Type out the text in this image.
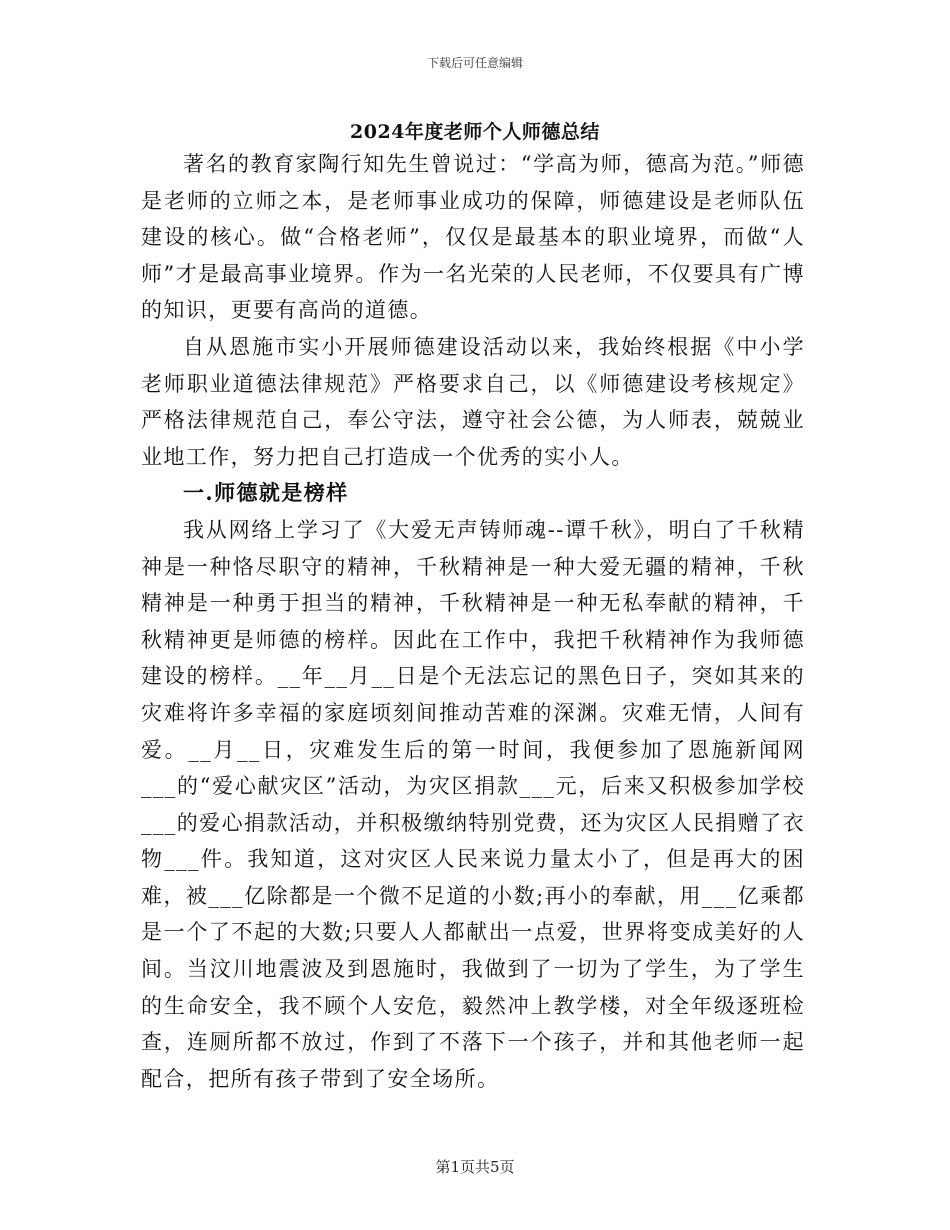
下载后可任意编辑
2024年度老师个人师德总结

著名的教育家陶行知先生曾说过：“学高为师，德高为范。”师德是老师的立师之本，是老师事业成功的保障，师德建设是老师队伍建设的核心。做“合格老师”，仅仅是最基本的职业境界，而做“人师”才是最高事业境界。作为一名光荣的人民老师，不仅要具有广博的知识，更要有高尚的道德。

自从恩施市实小开展师德建设活动以来，我始终根据《中小学老师职业道德法律规范》严格要求自己，以《师德建设考核规定》严格法律规范自己，奉公守法，遵守社会公德，为人师表，兢兢业业地工作，努力把自己打造成一个优秀的实小人。

一.师德就是榜样

我从网络上学习了《大爱无声铸师魂--谭千秋》，明白了千秋精神是一种恪尽职守的精神，千秋精神是一种大爱无疆的精神，千秋精神是一种勇于担当的精神，千秋精神是一种无私奉献的精神，千秋精神更是师德的榜样。因此在工作中，我把千秋精神作为我师德建设的榜样。__年__月__日是个无法忘记的黑色日子，突如其来的灾难将许多幸福的家庭顷刻间推动苦难的深渊。灾难无情，人间有爱。__月__日，灾难发生后的第一时间，我便参加了恩施新闻网___的“爱心献灾区”活动，为灾区捐款___元，后来又积极参加学校___的爱心捐款活动，并积极缴纳特别党费，还为灾区人民捐赠了衣物___件。我知道，这对灾区人民来说力量太小了，但是再大的困难，被___亿除都是一个微不足道的小数;再小的奉献，用___亿乘都是一个了不起的大数;只要人人都献出一点爱，世界将变成美好的人间。当汶川地震波及到恩施时，我做到了一切为了学生，为了学生的生命安全，我不顾个人安危，毅然冲上教学楼，对全年级逐班检查，连厕所都不放过，作到了不落下一个孩子，并和其他老师一起配合，把所有孩子带到了安全场所。

第1页共5页
